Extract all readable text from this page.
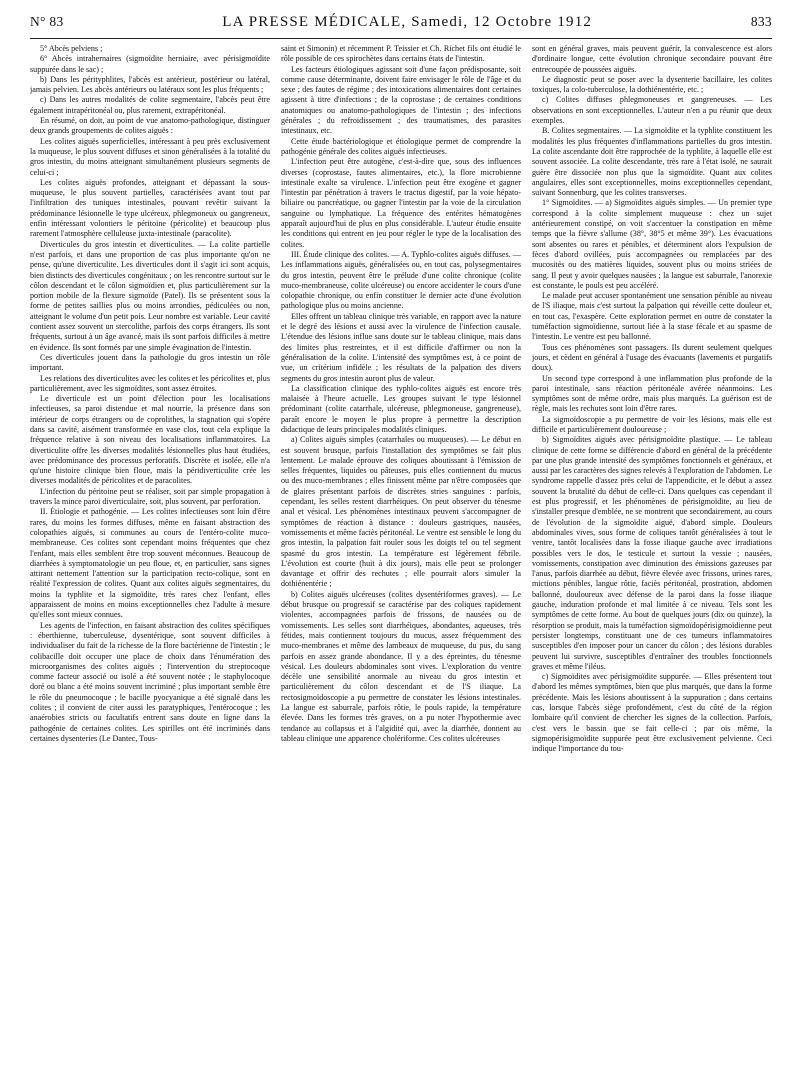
N° 83	LA PRESSE MÉDICALE, Samedi, 12 Octobre 1912	833

5° Abcès pelviens ;

6° Abcès intrahernaires (sigmoïdite herniaire, avec périsigmoïdite suppurée dans le sac) ;

b) Dans les pérityphlites, l'abcès est antérieur, postérieur ou latéral, jamais pelvien. Les abcès antérieurs ou latéraux sont les plus fréquents ;

c) Dans les autres modalités de colite segmentaire, l'abcès peut être également intrapéritonéal ou, plus rarement, extrapéritonéal.

En résumé, on doit, au point de vue anatomo-pathologique, distinguer deux grands groupements de colites aiguës :

Les colites aiguës superficielles, intéressant à peu près exclusivement la muqueuse, le plus souvent diffuses et sinon généralisées à la totalité du gros intestin, du moins atteignant simultanément plusieurs segments de celui-ci ;

Les colites aiguës profondes, atteignant et dépassant la sous-muqueuse, le plus souvent partielles, caractérisées avant tout par l'infiltration des tuniques intestinales, pouvant revêtir suivant la prédominance lésionnelle le type ulcéreux, phlegmoneux ou gangreneux, enfin intéressant volontiers le péritoine (péricolite) et beaucoup plus rarement l'atmosphère celluleuse juxta-intestinale (paracolite).

Diverticules du gros intestin et diverticulites. — La colite partielle n'est parfois, et dans une proportion de cas plus importante qu'on ne pense, qu'une diverticulite. Les diverticules dont il s'agit ici sont acquis, bien distincts des diverticules congénitaux ; on les rencontre surtout sur le côlon descendant et le côlon sigmoïdien et, plus particulièrement sur la portion mobile de la flexure sigmoïde (Patel). Ils se présentent sous la forme de petites saillies plus ou moins arrondies, pédiculées ou non, atteignant le volume d'un petit pois. Leur nombre est variable. Leur cavité contient assez souvent un stercolithe, parfois des corps étrangers. Ils sont fréquents, surtout à un âge avancé, mais ils sont parfois difficiles à mettre en évidence. Ils sont formés par une simple évagination de l'intestin.

Ces diverticules jouent dans la pathologie du gros intestin un rôle important.

Les relations des diverticulites avec les colites et les péricolites et, plus particulièrement, avec les sigmoïdites, sont assez étroites.

Le diverticule est un point d'élection pour les localisations infectieuses, sa paroi distendue et mal nourrie, la présence dans son intérieur de corps étrangers ou de coprolithes, la stagnation qui s'opère dans sa cavité, aisément transformée en vase clos, tout cela explique la fréquence relative à son niveau des localisations inflammatoires. La diverticulite offre les diverses modalités lésionnelles plus haut étudiées, avec prédominance des processus perforatifs. Discrète et isolée, elle n'a qu'une histoire clinique bien floue, mais la péridiverticulite crée les diverses modalités de péricolites et de paracolites.

L'infection du péritoine peut se réaliser, soit par simple propagation à travers la mince paroi diverticulaire, soit, plus souvent, par perforation.

II. Étiologie et pathogénie. — Les colites infectieuses sont loin d'être rares, du moins les formes diffuses, même en faisant abstraction des colopathies aiguës, si communes au cours de l'entéro-colite muco-membraneuse. Ces colites sont cependant moins fréquentes que chez l'enfant, mais elles semblent être trop souvent méconnues. Beaucoup de diarrhées à symptomatologie un peu floue, et, en particulier, sans signes attirant nettement l'attention sur la participation recto-colique, sont en réalité l'expression de colites. Quant aux colites aiguës segmentaires, du moins la typhlite et la sigmoïdite, très rares chez l'enfant, elles apparaissent de moins en moins exceptionnelles chez l'adulte à mesure qu'elles sont mieux connues.

Les agents de l'infection, en faisant abstraction des colites spécifiques : éberthienne, tuberculeuse, dysentérique, sont souvent difficiles à individualiser du fait de la richesse de la flore bactérienne de l'intestin ; le colibacille doit occuper une place de choix dans l'énumération des microorganismes des colites aiguës ; l'intervention du streptocoque comme facteur associé ou isolé a été souvent notée ; le staphylocoque doré ou blanc a été moins souvent incriminé ; plus important semble être le rôle du pneumocoque ; le bacille pyocyanique a été signalé dans les colites ; il convient de citer aussi les paratyphiques, l'entérocoque ; les anaérobies stricts ou facultatifs entrent sans doute en ligne dans la pathogénie de certaines colites. Les spirilles ont été incriminés dans certaines dysenteries (Le Dantec, Tous-

saint et Simonin) et récemment P. Teissier et Ch. Richet fils ont étudié le rôle possible de ces spirochètes dans certains états de l'intestin.

Les facteurs étiologiques agissant soit d'une façon prédisposante, soit comme cause déterminante, doivent faire envisager le rôle de l'âge et du sexe ; des fautes de régime ; des intoxications alimentaires dont certaines agissent à titre d'infections ; de la coprostase ; de certaines conditions anatomiques ou anatomo-pathologiques de l'intestin ; des infections générales ; du refroidissement ; des traumatismes, des parasites intestinaux, etc.

Cette étude bactériologique et étiologique permet de comprendre la pathogénie générale des colites aiguës infectieuses.

L'infection peut être autogène, c'est-à-dire que, sous des influences diverses (coprostase, fautes alimentaires, etc.), la flore microbienne intestinale exalte sa virulence. L'infection peut être exogène et gagner l'intestin par pénétration à travers le tractus digestif, par la voie hépato-biliaire ou pancréatique, ou gagner l'intestin par la voie de la circulation sanguine ou lymphatique. La fréquence des entérites hématogènes apparaît aujourd'hui de plus en plus considérable. L'auteur étudie ensuite les conditions qui entrent en jeu pour régler le type de la localisation des colites.

III. Étude clinique des colites. — A. Typhlo-colites aiguës diffuses. — Les inflammations aiguës, généralisées ou, en tout cas, polysegmentaires du gros intestin, peuvent être le prélude d'une colite chronique (colite muco-membraneuse, colite ulcéreuse) ou encore accidenter le cours d'une colopathie chronique, ou enfin constituer le dernier acte d'une évolution pathologique plus ou moins ancienne.

Elles offrent un tableau clinique très variable, en rapport avec la nature et le degré des lésions et aussi avec la virulence de l'infection causale. L'étendue des lésions influe sans doute sur le tableau clinique, mais dans des limites plus restreintes, et il est difficile d'affirmer ou non la généralisation de la colite. L'intensité des symptômes est, à ce point de vue, un critérium infidèle ; les résultats de la palpation des divers segments du gros intestin auront plus de valeur.

La classification clinique des typhlo-colites aiguës est encore très malaisée à l'heure actuelle. Les groupes suivant le type lésionnel prédominant (colite catarrhale, ulcéreuse, phlegmoneuse, gangreneuse), paraît encore le moyen le plus propre à permettre la description didactique de leurs principales modalités cliniques.

a) Colites aiguës simples (catarrhales ou muqueuses). — Le début en est souvent brusque, parfois l'installation des symptômes se fait plus lentement. Le malade éprouve des coliques aboutissant à l'émission de selles fréquentes, liquides ou pâteuses, puis elles contiennent du mucus ou des muco-membranes ; elles finissent même par n'être composées que de glaires présentant parfois de discrètes stries sanguines : parfois, cependant, les selles restent diarrhéiques. On peut observer du ténesme anal et vésical. Les phénomènes intestinaux peuvent s'accompagner de symptômes de réaction à distance : douleurs gastriques, nausées, vomissements et même faciès péritonéal. Le ventre est sensible le long du gros intestin, la palpation fait rouler sous les doigts tel ou tel segment spasmé du gros intestin. La température est légèrement fébrile. L'évolution est courte (huit à dix jours), mais elle peut se prolonger davantage et offrir des rechutes ; elle pourrait alors simuler la dothiénentérie ;

b) Colites aiguës ulcéreuses (colites dysentériformes graves). — Le début brusque ou progressif se caractérise par des coliques rapidement violentes, accompagnées parfois de frissons, de nausées ou de vomissements. Les selles sont diarrhéiques, abondantes, aqueuses, très fétides, mais contiennent toujours du mucus, assez fréquemment des muco-membranes et même des lambeaux de muqueuse, du pus, du sang parfois en assez grande abondance. Il y a des épreintes, du ténesme vésical. Les douleurs abdominales sont vives. L'exploration du ventre décèle une sensibilité anormale au niveau du gros intestin et particulièrement du côlon descendant et de l'S iliaque. La rectosigmoïdoscopie a pu permettre de constater les lésions intestinales. La langue est saburrale, parfois rôtie, le pouls rapide, la température élevée. Dans les formes très graves, on a pu noter l'hypothermie avec tendance au collapsus et à l'algidité qui, avec la diarrhée, donnent au tableau clinique une apparence cholériforme. Ces colites ulcéreuses

sont en général graves, mais peuvent guérir, la convalescence est alors d'ordinaire longue, cette évolution chronique secondaire pouvant être entrecoupée de poussées aiguës.

Le diagnostic peut se poser avec la dysenterie bacillaire, les colites toxiques, la colo-tuberculose, la dothiénentérie, etc. ;

c) Colites diffuses phlegmoneuses et gangreneuses. — Les observations en sont exceptionnelles. L'auteur n'en a pu réunir que deux exemples.

B. Colites segmentaires. — La sigmoïdite et la typhlite constituent les modalités les plus fréquentes d'inflammations partielles du gros intestin. La colite ascendante doit être rapprochée de la typhlite, à laquelle elle est souvent associée. La colite descendante, très rare à l'état isolé, ne saurait guère être dissociée non plus que la sigmoïdite. Quant aux colites angulaires, elles sont exceptionnelles, moins exceptionnelles cependant, suivant Sonnenburg, que les colites transverses.

1° Sigmoïdites. — a) Sigmoïdites aiguës simples. — Un premier type correspond à la colite simplement muqueuse : chez un sujet antérieurement constipé, on voit s'accentuer la constipation en même temps que la fièvre s'allume (38°, 38°5 et même 39°). Les évacuations sont absentes ou rares et pénibles, et déterminent alors l'expulsion de fèces d'abord ovillées, puis accompagnées ou remplacées par des mucosités ou des matières liquides, souvent plus ou moins striées de sang. Il peut y avoir quelques nausées ; la langue est saburrale, l'anorexie est constante, le pouls est peu accéléré.

Le malade peut accuser spontanément une sensation pénible au niveau de l'S iliaque, mais c'est surtout la palpation qui réveille cette douleur et, en tout cas, l'exaspère. Cette exploration permet en outre de constater la tuméfaction sigmoïdienne, surtout liée à la stase fécale et au spasme de l'intestin. Le ventre est peu ballonné.

Tous ces phénomènes sont passagers. Ils durent seulement quelques jours, et cèdent en général à l'usage des évacuants (lavements et purgatifs doux).

Un second type correspond à une inflammation plus profonde de la paroi intestinale, sans réaction péritonéale avérée néanmoins. Les symptômes sont de même ordre, mais plus marqués. La guérison est de règle, mais les rechutes sont loin d'être rares.

La sigmoïdoscopie a pu permettre de voir les lésions, mais elle est difficile et particulièrement douloureuse ;

b) Sigmoïdites aiguës avec périsigmoïdite plastique. — Le tableau clinique de cette forme se différencie d'abord en général de la précédente par une plus grande intensité des symptômes fonctionnels et généraux, et aussi par les caractères des signes relevés à l'exploration de l'abdomen. Le syndrome rappelle d'assez près celui de l'appendicite, et le début a assez souvent la brutalité du début de celle-ci. Dans quelques cas cependant il est plus progressif, et les phénomènes de périsigmoïdite, au lieu de s'installer presque d'emblée, ne se montrent que secondairement, au cours de l'évolution de la sigmoïdite aiguë, d'abord simple. Douleurs abdominales vives, sous forme de coliques tantôt généralisées à tout le ventre, tantôt localisées dans la fosse iliaque gauche avec irradiations possibles vers le dos, le testicule et surtout la vessie ; nausées, vomissements, constipation avec diminution des émissions gazeuses par l'anus, parfois diarrhée au début, fièvre élevée avec frissons, urines rares, mictions pénibles, langue rôtie, faciès péritonéal, prostration, abdomen ballonné, douloureux avec défense de la paroi dans la fosse iliaque gauche, induration profonde et mal limitée à ce niveau. Tels sont les symptômes de cette forme. Au bout de quelques jours (dix ou quinze), la résorption se produit, mais la tuméfaction sigmoïdopérisigmoïdienne peut persister longtemps, constituant une de ces tumeurs inflammatoires susceptibles d'en imposer pour un cancer du côlon ; des lésions durables peuvent lui survivre, susceptibles d'entraîner des troubles fonctionnels graves et même l'iléus.

c) Sigmoïdites avec périsigmoïdite suppurée. — Elles présentent tout d'abord les mêmes symptômes, bien que plus marqués, que dans la forme précédente. Mais les lésions aboutissent à la suppuration ; dans certains cas, lorsque l'abcès siège profondément, c'est du côté de la région lombaire qu'il convient de chercher les signes de la collection. Parfois, c'est vers le bassin que se fait celle-ci ; par ois même, la sigmopérisigmoïdite suppurée peut être exclusivement pelvienne. Ceci indique l'importance du tou-
